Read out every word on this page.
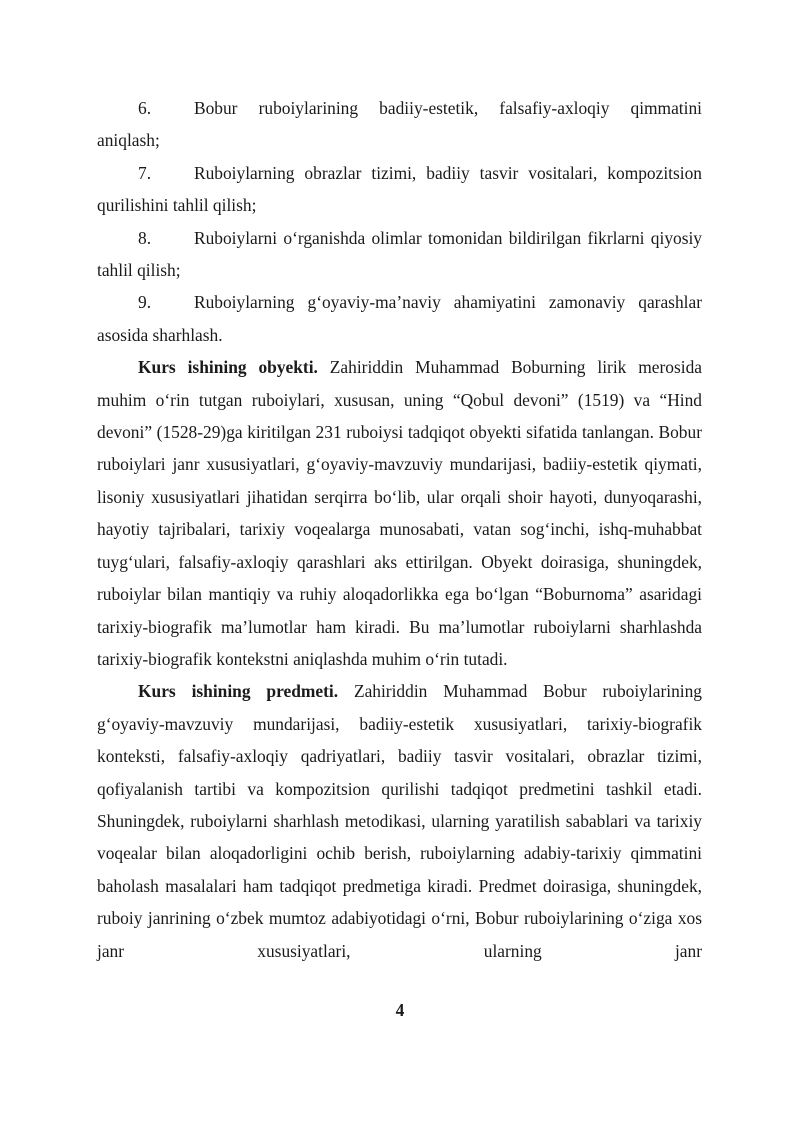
6. Bobur ruboiylarining badiiy-estetik, falsafiy-axloqiy qimmatini aniqlash;

7. Ruboiylarning obrazlar tizimi, badiiy tasvir vositalari, kompozitsion qurilishini tahlil qilish;

8. Ruboiylarni o‘rganishda olimlar tomonidan bildirilgan fikrlarni qiyosiy tahlil qilish;

9. Ruboiylarning g‘oyaviy-ma’naviy ahamiyatini zamonaviy qarashlar asosida sharhlash.

Kurs ishining obyekti. Zahiriddin Muhammad Boburning lirik merosida muhim o‘rin tutgan ruboiylari, xususan, uning “Qobul devoni” (1519) va “Hind devoni” (1528-29)ga kiritilgan 231 ruboiysi tadqiqot obyekti sifatida tanlangan. Bobur ruboiylari janr xususiyatlari, g‘oyaviy-mavzuviy mundarijasi, badiiy-estetik qiymati, lisoniy xususiyatlari jihatidan serqirra bo‘lib, ular orqali shoir hayoti, dunyoqarashi, hayotiy tajribalari, tarixiy voqealarga munosabati, vatan sog‘inchi, ishq-muhabbat tuyg‘ulari, falsafiy-axloqiy qarashlari aks ettirilgan. Obyekt doirasiga, shuningdek, ruboiylar bilan mantiqiy va ruhiy aloqadorlikka ega bo‘lgan “Boburnoma” asaridagi tarixiy-biografik ma’lumotlar ham kiradi. Bu ma’lumotlar ruboiylarni sharhlashda tarixiy-biografik kontekstni aniqlashda muhim o‘rin tutadi.

Kurs ishining predmeti. Zahiriddin Muhammad Bobur ruboiylarining g‘oyaviy-mavzuviy mundarijasi, badiiy-estetik xususiyatlari, tarixiy-biografik konteksti, falsafiy-axloqiy qadriyatlari, badiiy tasvir vositalari, obrazlar tizimi, qofiyalanish tartibi va kompozitsion qurilishi tadqiqot predmetini tashkil etadi. Shuningdek, ruboiylarni sharhlash metodikasi, ularning yaratilish sabablari va tarixiy voqealar bilan aloqadorligini ochib berish, ruboiylarning adabiy-tarixiy qimmatini baholash masalalari ham tadqiqot predmetiga kiradi. Predmet doirasiga, shuningdek, ruboiy janrining o‘zbek mumtoz adabiyotidagi o‘rni, Bobur ruboiylarining o‘ziga xos janr xususiyatlari, ularning janr

4
